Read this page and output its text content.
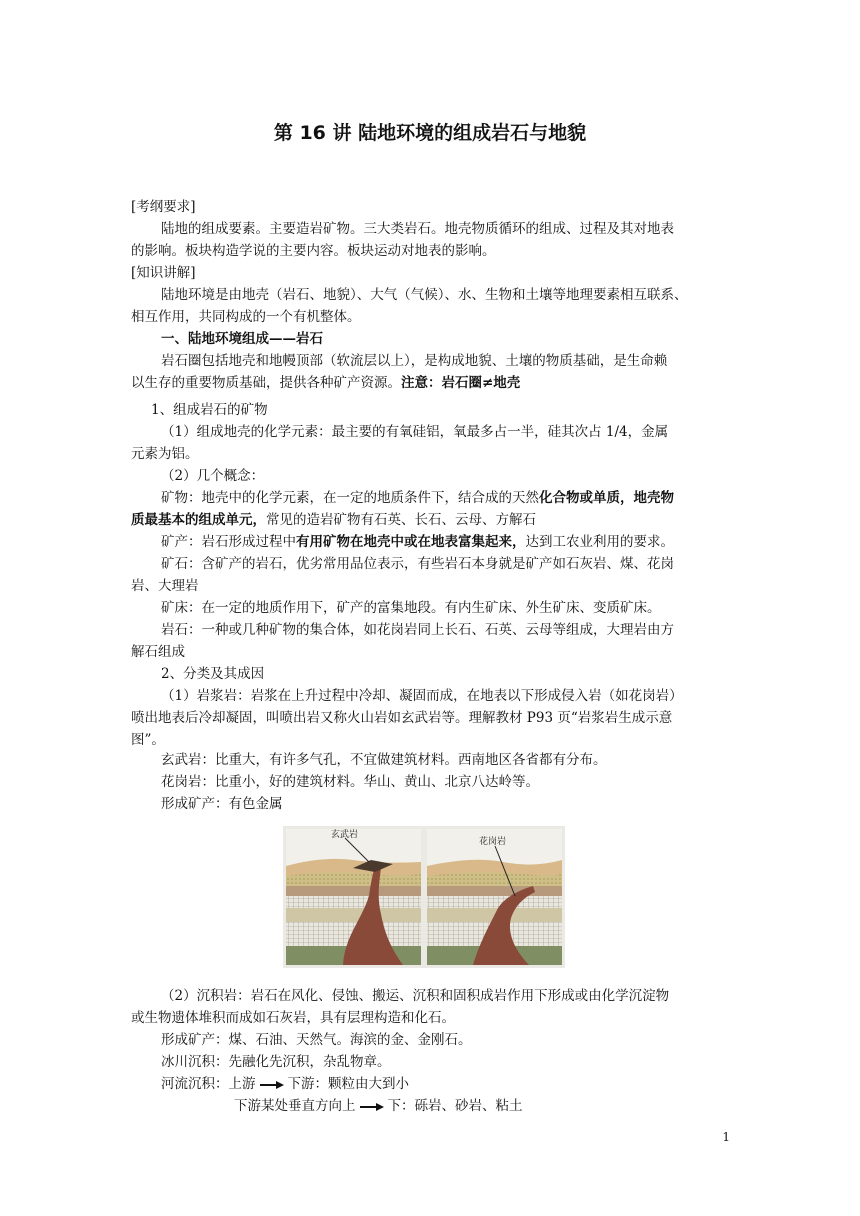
第 16 讲 陆地环境的组成岩石与地貌
[考纲要求]
陆地的组成要素。主要造岩矿物。三大类岩石。地壳物质循环的组成、过程及其对地表
的影响。板块构造学说的主要内容。板块运动对地表的影响。
[知识讲解]
陆地环境是由地壳（岩石、地貌）、大气（气候）、水、生物和土壤等地理要素相互联系、
相互作用，共同构成的一个有机整体。
一、陆地环境组成——岩石
岩石圈包括地壳和地幔顶部（软流层以上），是构成地貌、土壤的物质基础，是生命赖
以生存的重要物质基础，提供各种矿产资源。注意：岩石圈≠地壳
1、组成岩石的矿物
（1）组成地壳的化学元素：最主要的有氧硅铝，氧最多占一半，硅其次占 1/4，金属
元素为铝。
（2）几个概念：
矿物：地壳中的化学元素，在一定的地质条件下，结合成的天然化合物或单质，地壳物
质最基本的组成单元，常见的造岩矿物有石英、长石、云母、方解石
矿产：岩石形成过程中有用矿物在地壳中或在地表富集起来，达到工农业利用的要求。
矿石：含矿产的岩石，优劣常用品位表示，有些岩石本身就是矿产如石灰岩、煤、花岗
岩、大理岩
矿床：在一定的地质作用下，矿产的富集地段。有内生矿床、外生矿床、变质矿床。
岩石：一种或几种矿物的集合体，如花岗岩同上长石、石英、云母等组成，大理岩由方
解石组成
2、分类及其成因
（1）岩浆岩：岩浆在上升过程中冷却、凝固而成，在地表以下形成侵入岩（如花岗岩）
喷出地表后冷却凝固，叫喷出岩又称火山岩如玄武岩等。理解教材 P93 页“岩浆岩生成示意
图”。
玄武岩：比重大，有许多气孔，不宜做建筑材料。西南地区各省都有分布。
花岗岩：比重小，好的建筑材料。华山、黄山、北京八达岭等。
形成矿产：有色金属
玄武岩
花岗岩
（2）沉积岩：岩石在风化、侵蚀、搬运、沉积和固积成岩作用下形成或由化学沉淀物
或生物遗体堆积而成如石灰岩，具有层理构造和化石。
形成矿产：煤、石油、天然气。海滨的金、金刚石。
冰川沉积：先融化先沉积，杂乱物章。
河流沉积：上游 下游：颗粒由大到小
下游某处垂直方向上 下：砾岩、砂岩、粘土
1
